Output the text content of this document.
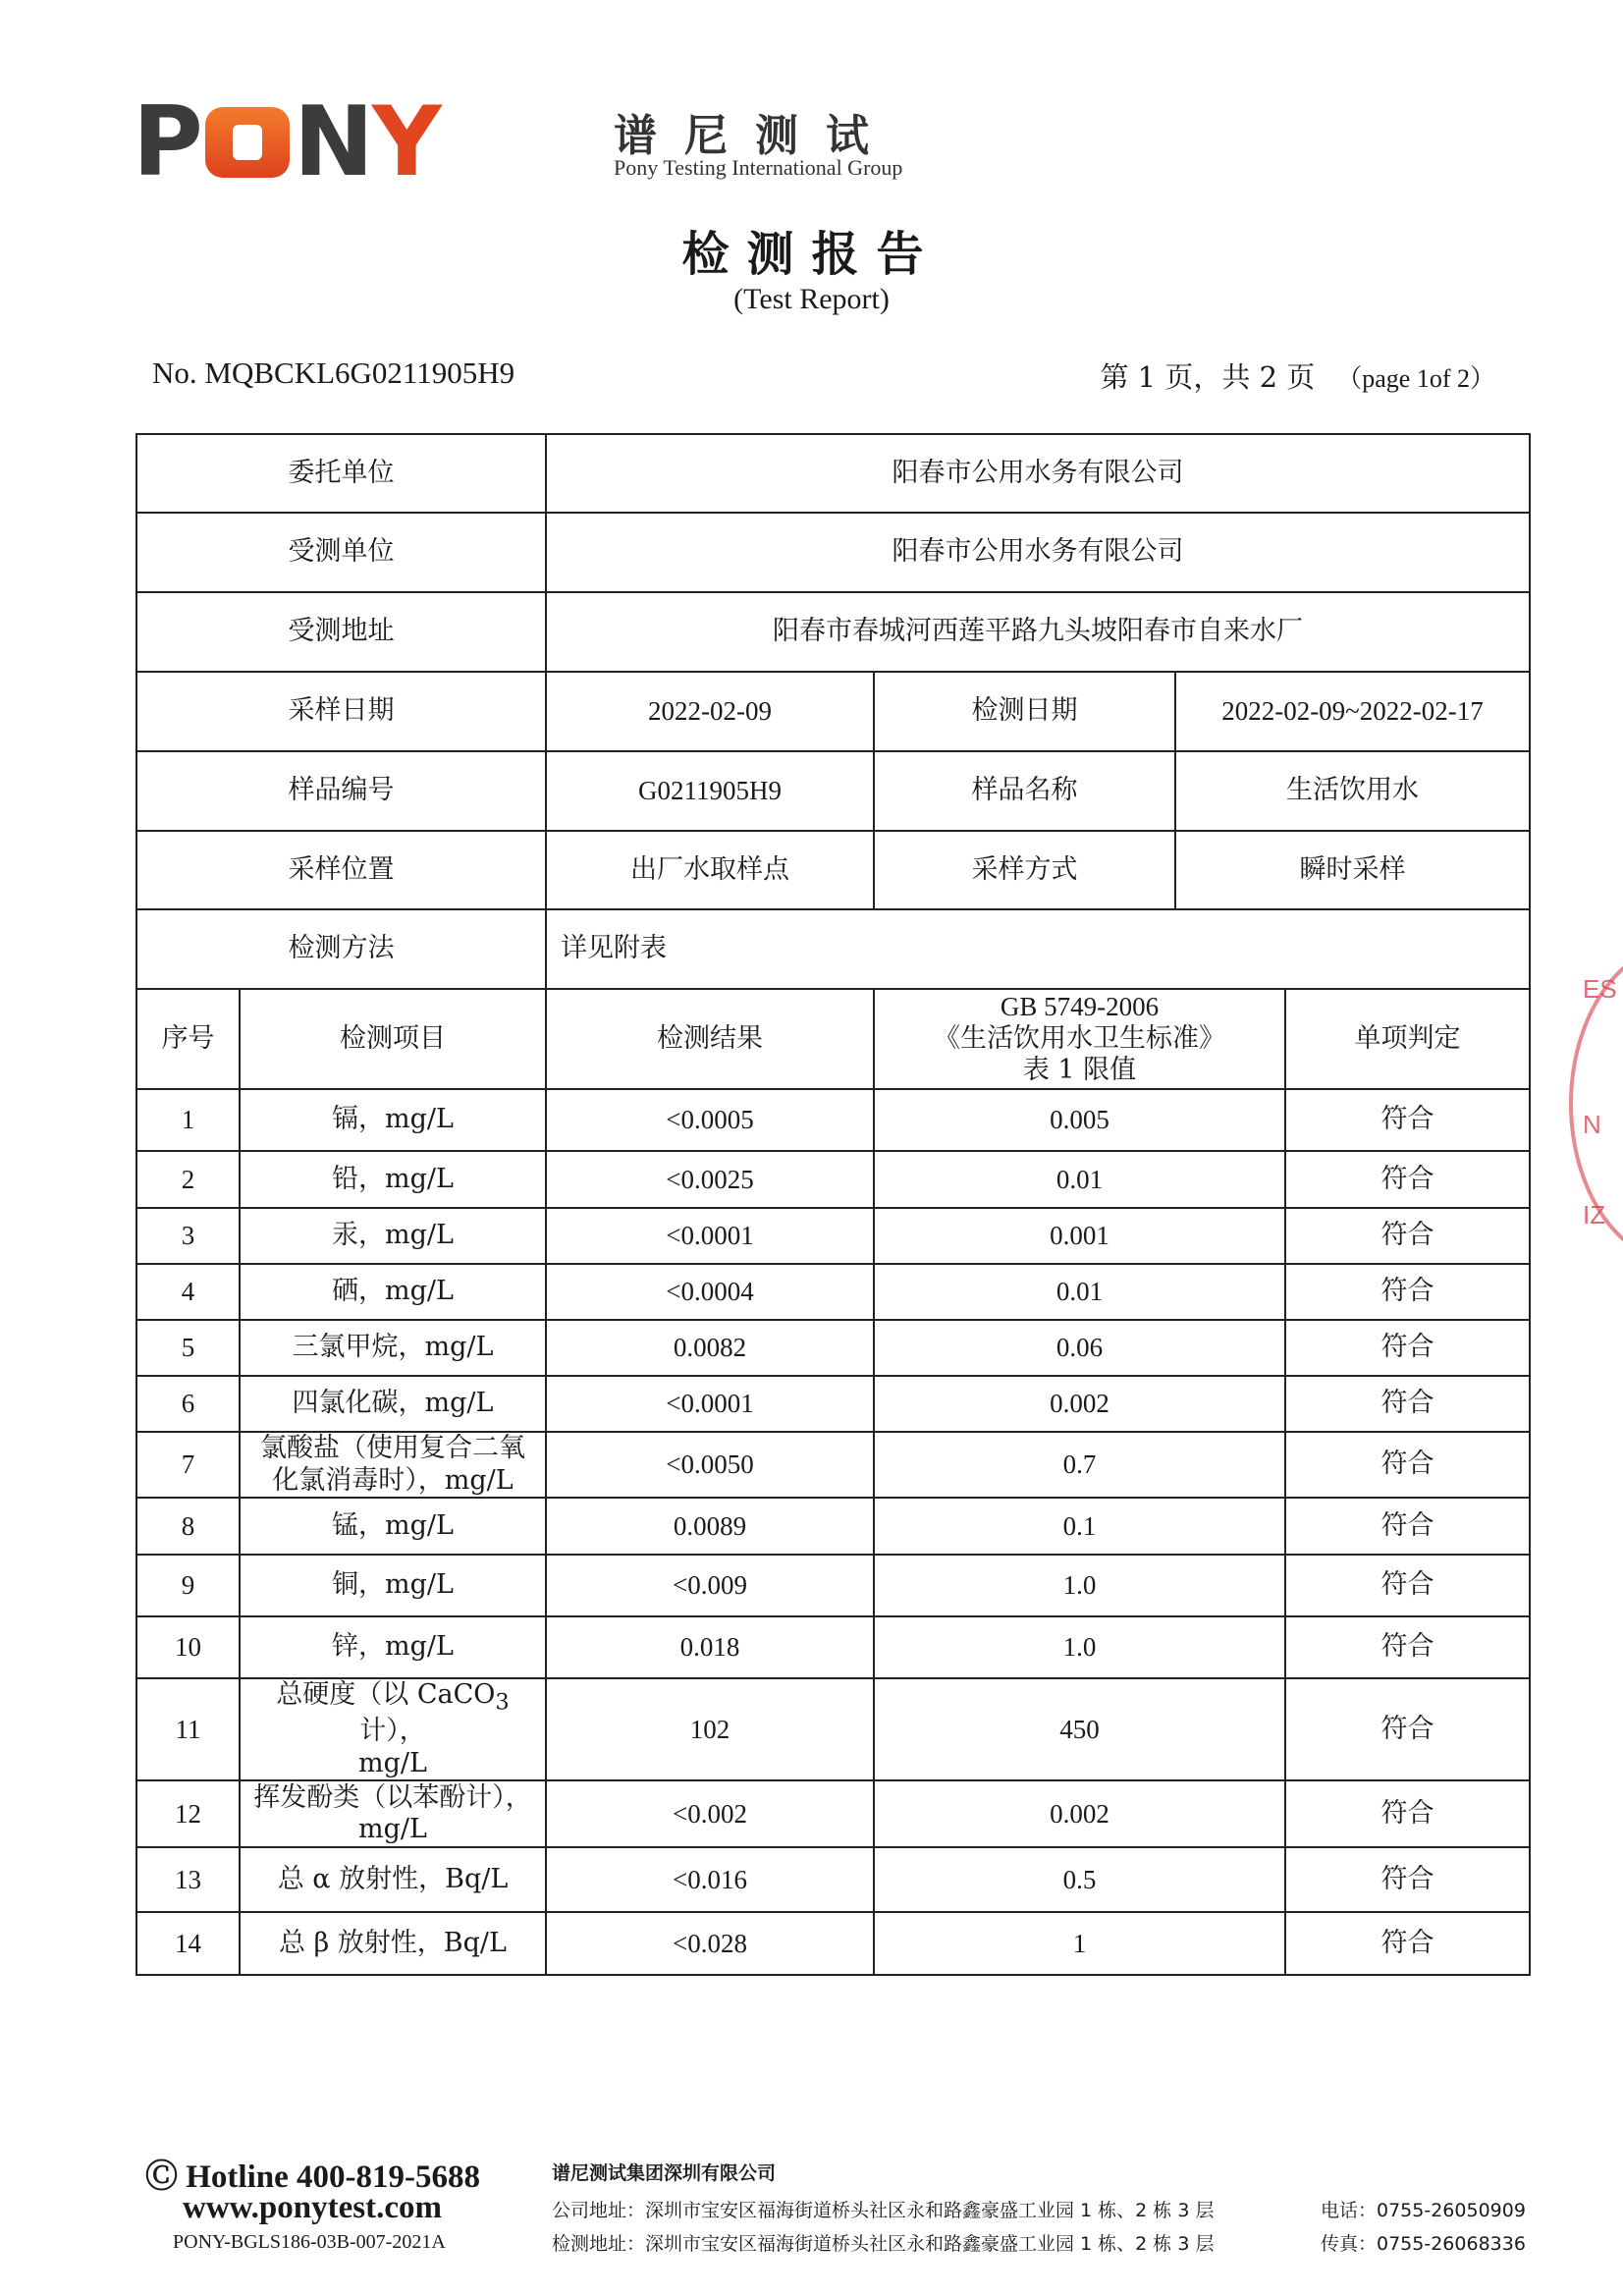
P N Y	谱尼测试
Pony Testing International Group
检测报告
(Test Report)
No. MQBCKL6G0211905H9	第 1 页，共 2 页 （page 1of 2）
委托单位		阳春市公用水务有限公司			
受测单位		阳春市公用水务有限公司			
受测地址		阳春市春城河西莲平路九头坡阳春市自来水厂			
采样日期		2022-02-09	检测日期	2022-02-09~2022-02-17	
样品编号		G0211905H9	样品名称	生活饮用水	
采样位置		出厂水取样点	采样方式	瞬时采样	
检测方法		详见附表			
序号	检测项目	检测结果	GB 5749-2006
《生活饮用水卫生标准》
表 1 限值		单项判定
1	镉，mg/L	<0.0005	0.005		符合
2	铅，mg/L	<0.0025	0.01		符合
3	汞，mg/L	<0.0001	0.001		符合
4	硒，mg/L	<0.0004	0.01		符合
5	三氯甲烷，mg/L	0.0082	0.06		符合
6	四氯化碳，mg/L	<0.0001	0.002		符合
7	氯酸盐（使用复合二氧
化氯消毒时），mg/L	<0.0050	0.7		符合
8	锰，mg/L	0.0089	0.1		符合
9	铜，mg/L	<0.009	1.0		符合
10	锌，mg/L	0.018	1.0		符合
11	总硬度（以 CaCO$_3$ 计），
mg/L	102	450		符合
12	挥发酚类（以苯酚计），
mg/L	<0.002	0.002		符合
13	总 α 放射性，Bq/L	<0.016	0.5		符合
14	总 β 放射性，Bq/L	<0.028	1		符合
ES
N
IZ
Ⓒ Hotline 400-819-5688
www.ponytest.com
PONY-BGLS186-03B-007-2021A
谱尼测试集团深圳有限公司
公司地址：深圳市宝安区福海街道桥头社区永和路鑫豪盛工业园 1 栋、2 栋 3 层
检测地址：深圳市宝安区福海街道桥头社区永和路鑫豪盛工业园 1 栋、2 栋 3 层
电话：0755-26050909
传真：0755-26068336
